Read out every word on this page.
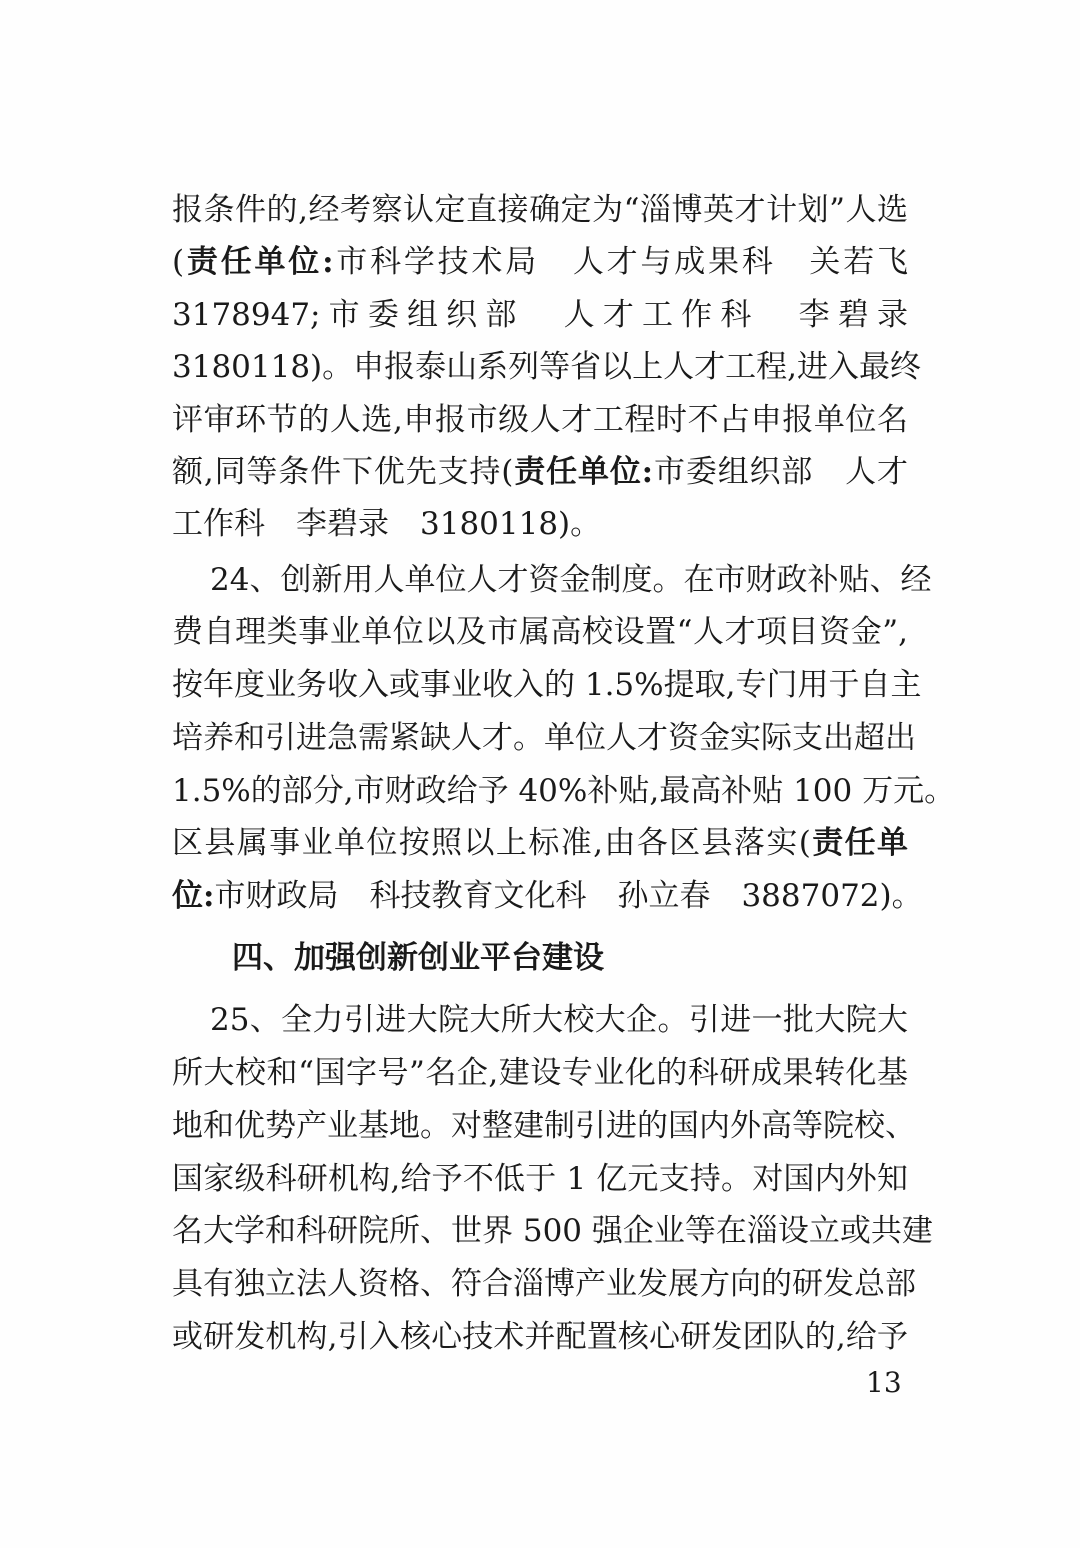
报条件的,经考察认定直接确定为“淄博英才计划”人选
(责任单位:市科学技术局　人才与成果科　关若飞
3178947;市委组织部　人才工作科　李碧录
3180118)。申报泰山系列等省以上人才工程,进入最终
评审环节的人选,申报市级人才工程时不占申报单位名
额,同等条件下优先支持(责任单位:市委组织部　人才
工作科　李碧录　3180118)。
24、创新用人单位人才资金制度。在市财政补贴、经
费自理类事业单位以及市属高校设置“人才项目资金”,
按年度业务收入或事业收入的 1.5%提取,专门用于自主
培养和引进急需紧缺人才。单位人才资金实际支出超出
1.5%的部分,市财政给予 40%补贴,最高补贴 100 万元。
区县属事业单位按照以上标准,由各区县落实(责任单
位:市财政局　科技教育文化科　孙立春　3887072)。
四、加强创新创业平台建设
25、全力引进大院大所大校大企。引进一批大院大
所大校和“国字号”名企,建设专业化的科研成果转化基
地和优势产业基地。对整建制引进的国内外高等院校、
国家级科研机构,给予不低于 1 亿元支持。对国内外知
名大学和科研院所、世界 500 强企业等在淄设立或共建
具有独立法人资格、符合淄博产业发展方向的研发总部
或研发机构,引入核心技术并配置核心研发团队的,给予
13
